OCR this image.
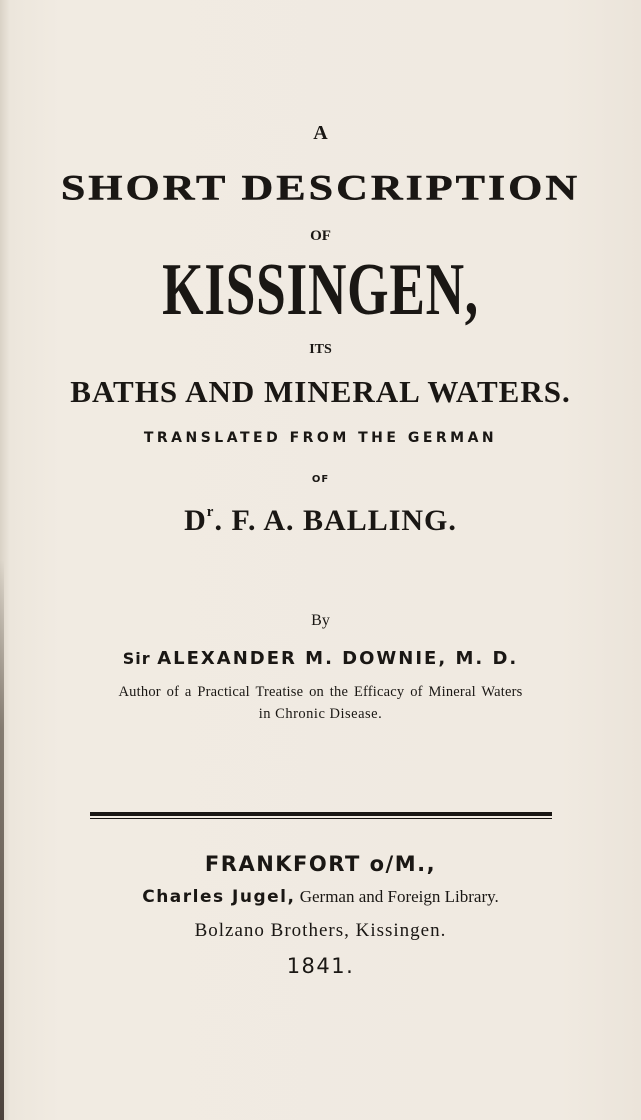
A
SHORT DESCRIPTION
OF
KISSINGEN,
ITS
BATHS AND MINERAL WATERS.
TRANSLATED FROM THE GERMAN
OF
$D^r$. F. A. BALLING.
By
Sir ALEXANDER M. DOWNIE, M. D.
Author of a Practical Treatise on the Efficacy of Mineral Waters
in Chronic Disease.
FRANKFORT o/M.,
Charles Jugel, German and Foreign Library.
Bolzano Brothers, Kissingen.
1841.
